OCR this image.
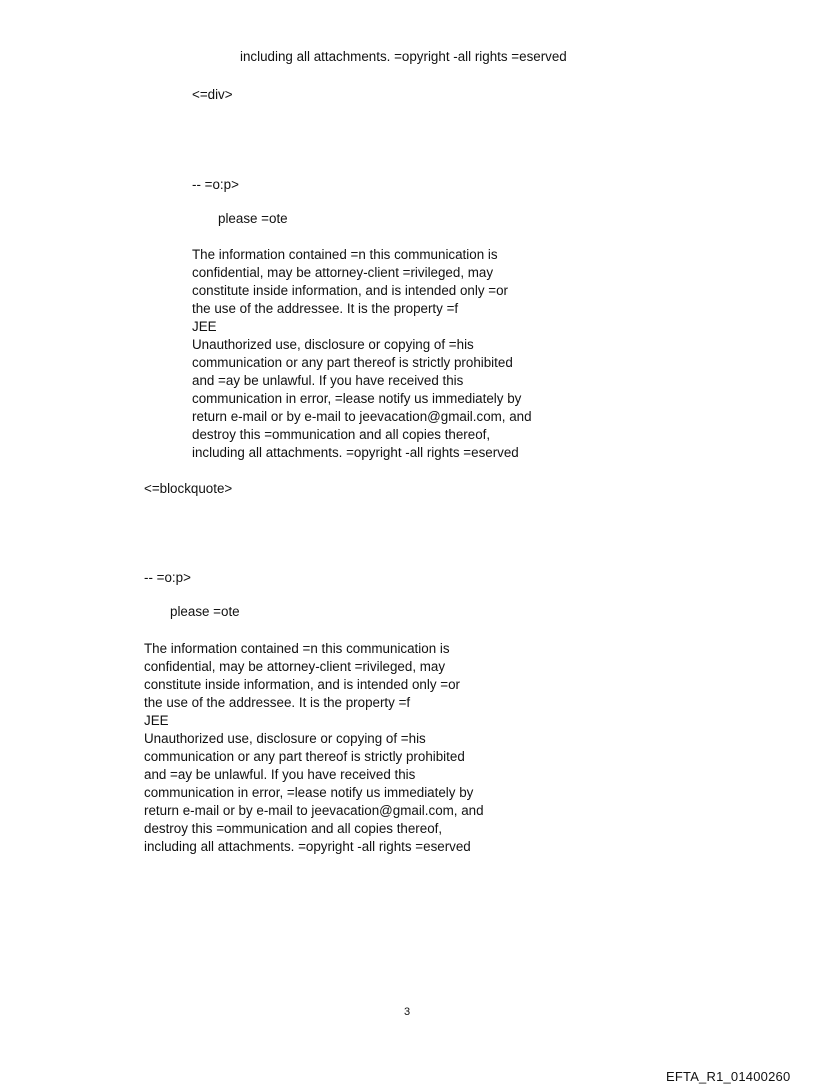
including all attachments. =opyright -all rights =eserved

<=div>

-- =o:p>

please =ote

The information contained =n this communication is
confidential, may be attorney-client =rivileged, may
constitute inside information, and is intended only =or
the use of the addressee. It is the property =f
JEE
Unauthorized use, disclosure or copying of =his
communication or any part thereof is strictly prohibited
and =ay be unlawful. If you have received this
communication in error, =lease notify us immediately by
return e-mail or by e-mail to jeevacation@gmail.com, and
destroy this =ommunication and all copies thereof,
including all attachments. =opyright -all rights =eserved

<=blockquote>

-- =o:p>

please =ote

The information contained =n this communication is
confidential, may be attorney-client =rivileged, may
constitute inside information, and is intended only =or
the use of the addressee. It is the property =f
JEE
Unauthorized use, disclosure or copying of =his
communication or any part thereof is strictly prohibited
and =ay be unlawful. If you have received this
communication in error, =lease notify us immediately by
return e-mail or by e-mail to jeevacation@gmail.com, and
destroy this =ommunication and all copies thereof,
including all attachments. =opyright -all rights =eserved

3

EFTA_R1_01400260
